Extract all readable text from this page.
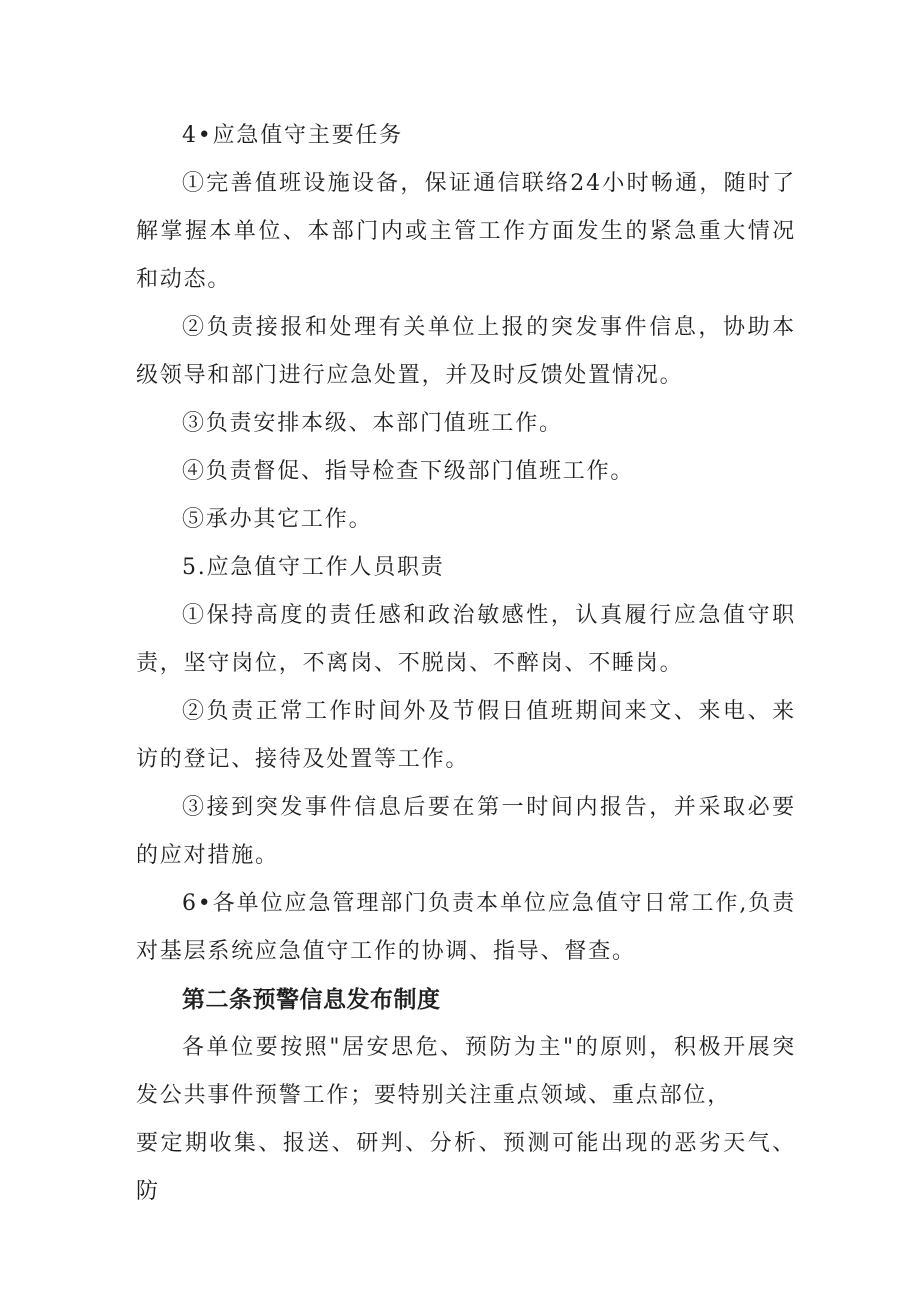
4•应急值守主要任务

①完善值班设施设备，保证通信联络24小时畅通，随时了解掌握本单位、本部门内或主管工作方面发生的紧急重大情况和动态。

②负责接报和处理有关单位上报的突发事件信息，协助本级领导和部门进行应急处置，并及时反馈处置情况。

③负责安排本级、本部门值班工作。

④负责督促、指导检查下级部门值班工作。

⑤承办其它工作。

5.应急值守工作人员职责

①保持高度的责任感和政治敏感性，认真履行应急值守职责，坚守岗位，不离岗、不脱岗、不醉岗、不睡岗。

②负责正常工作时间外及节假日值班期间来文、来电、来访的登记、接待及处置等工作。

③接到突发事件信息后要在第一时间内报告，并采取必要的应对措施。

6•各单位应急管理部门负责本单位应急值守日常工作,负责对基层系统应急值守工作的协调、指导、督查。

第二条预警信息发布制度

各单位要按照"居安思危、预防为主"的原则，积极开展突发公共事件预警工作；要特别关注重点领域、重点部位，

要定期收集、报送、研判、分析、预测可能出现的恶劣天气、防
